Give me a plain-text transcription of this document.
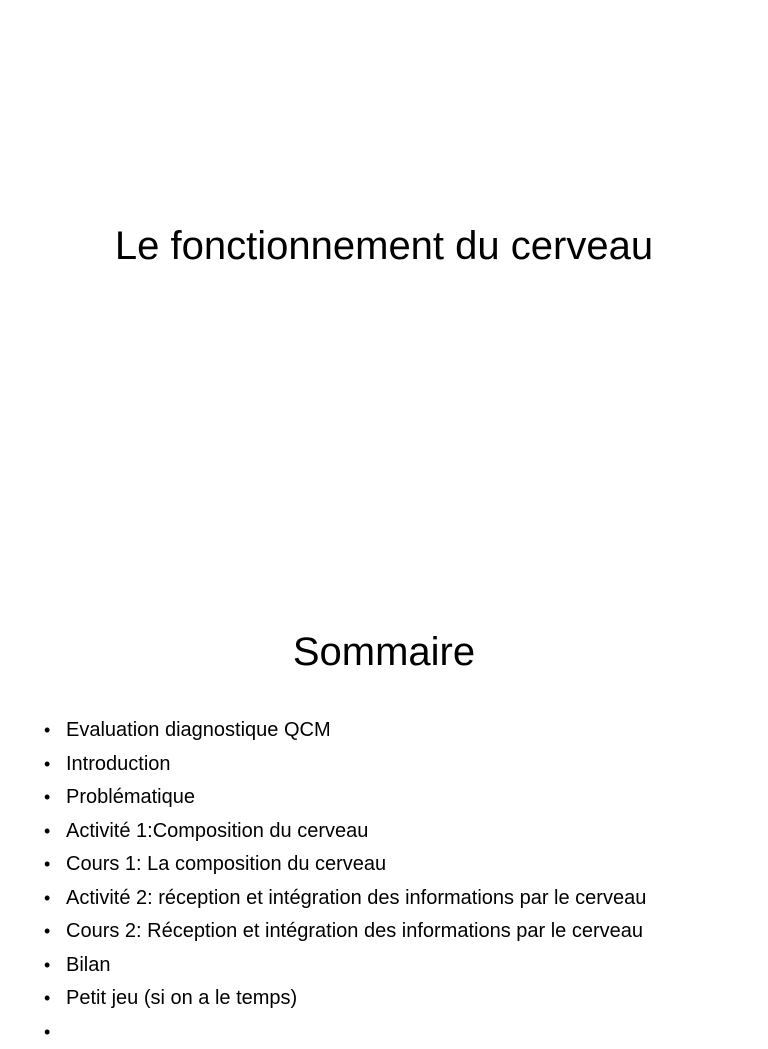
Le fonctionnement du cerveau
Sommaire
• Evaluation diagnostique QCM
• Introduction
• Problématique
• Activité 1:Composition du cerveau
• Cours 1: La composition du cerveau
• Activité 2: réception et intégration des informations par le cerveau
• Cours 2: Réception et intégration des informations par le cerveau
• Bilan
• Petit jeu (si on a le temps)
•
